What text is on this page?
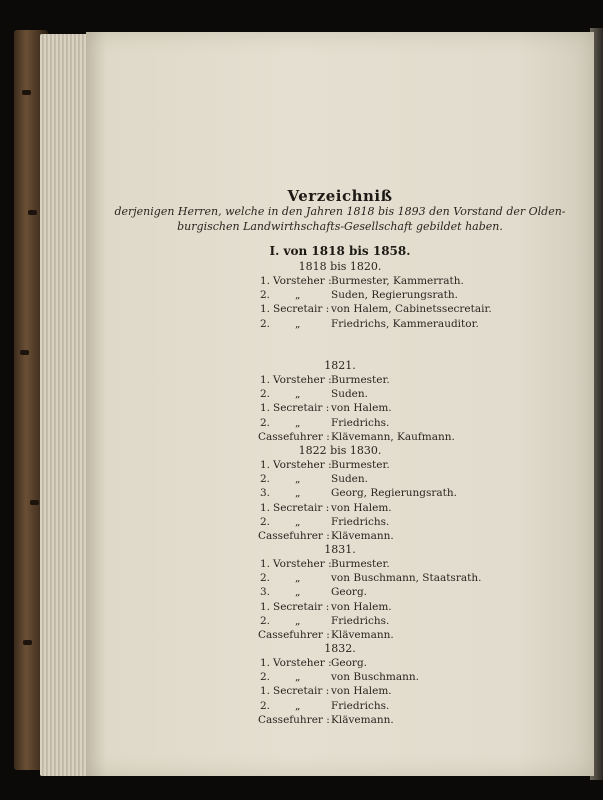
Verzeichniß
derjenigen Herren, welche in den Jahren 1818 bis 1893 den Vorstand der Olden-
burgischen Landwirthschafts-Gesellschaft gebildet haben.
I. von 1818 bis 1858.
1818 bis 1820.
1. Vorsteher : Burmester, Kammerrath.
2. „	Suden, Regierungsrath.
1. Secretair : von Halem, Cabinetssecretair.
2. „	Friedrichs, Kammerauditor.
1821.
1. Vorsteher : Burmester.
2. „	Suden.
1. Secretair : von Halem.
2. „	Friedrichs.
Cassefuhrer : Klävemann, Kaufmann.
1822 bis 1830.
1. Vorsteher : Burmester.
2. „	Suden.
3. „	Georg, Regierungsrath.
1. Secretair : von Halem.
2. „	Friedrichs.
Cassefuhrer : Klävemann.
1831.
1. Vorsteher : Burmester.
2. „	von Buschmann, Staatsrath.
3. „	Georg.
1. Secretair : von Halem.
2. „	Friedrichs.
Cassefuhrer : Klävemann.
1832.
1. Vorsteher : Georg.
2. „	von Buschmann.
1. Secretair : von Halem.
2. „	Friedrichs.
Cassefuhrer : Klävemann.
